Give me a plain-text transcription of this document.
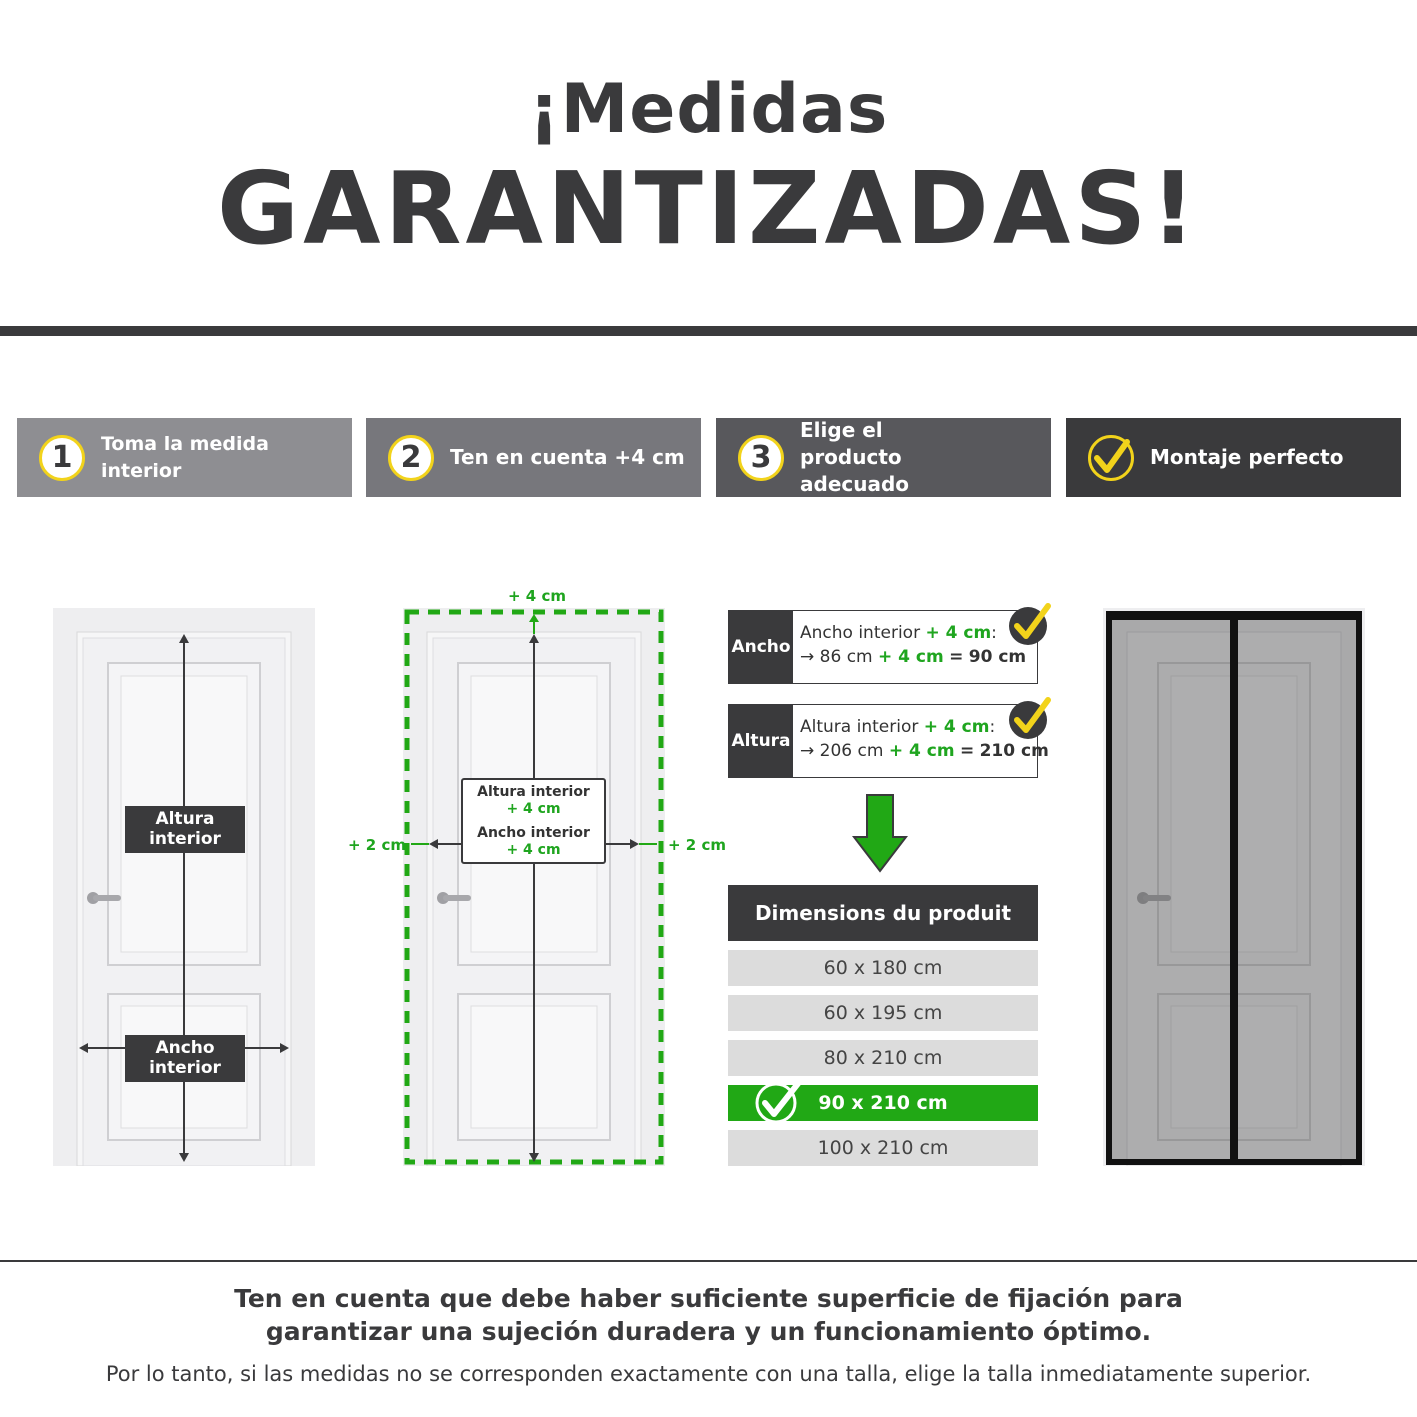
¡Medidas
GARANTIZADAS!
1	Toma la medida interior	2	Ten en cuenta +4 cm	3
Elige el producto adecuado
Montaje perfecto
Altura interior
Ancho interior
+ 4 cm
+ 2 cm	+ 2 cm
Altura interior
+ 4 cm
Ancho interior
+ 4 cm
Ancho
Ancho interior + 4 cm:
→ 86 cm + 4 cm = 90 cm
Altura
Altura interior + 4 cm:
→ 206 cm + 4 cm = 210 cm
Dimensions du produit
60 x 180 cm
60 x 195 cm
80 x 210 cm
90 x 210 cm
100 x 210 cm
Ten en cuenta que debe haber suficiente superficie de fijación para garantizar una sujeción duradera y un funcionamiento óptimo.
Por lo tanto, si las medidas no se corresponden exactamente con una talla, elige la talla inmediatamente superior.
